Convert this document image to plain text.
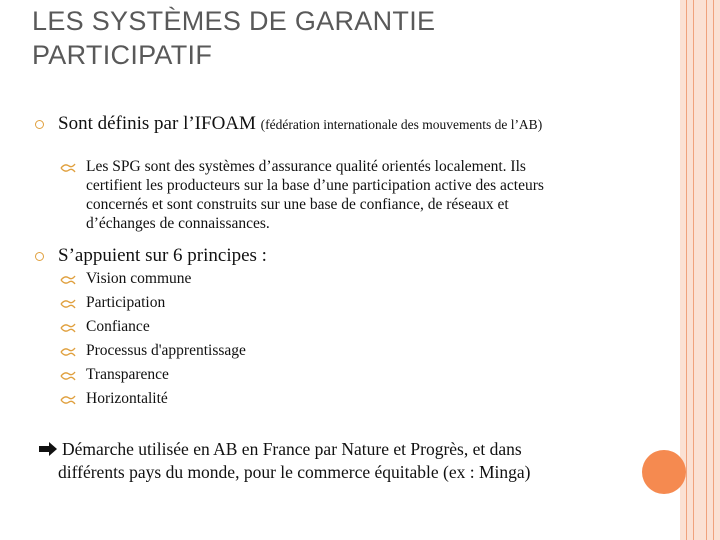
LES SYSTÈMES DE GARANTIE
PARTICIPATIF
Sont définis par l’IFOAM (fédération internationale des mouvements de l’AB)
Les SPG sont des systèmes d’assurance qualité orientés localement. Ils
certifient les producteurs sur la base d’une participation active des acteurs
concernés et sont construits sur une base de confiance, de réseaux et
d’échanges de connaissances.
S’appuient sur 6 principes :
Vision commune
Participation
Confiance
Processus d'apprentissage
Transparence
Horizontalité
Démarche utilisée en AB en France par Nature et Progrès, et dans
différents pays du monde, pour le commerce équitable (ex : Minga)
